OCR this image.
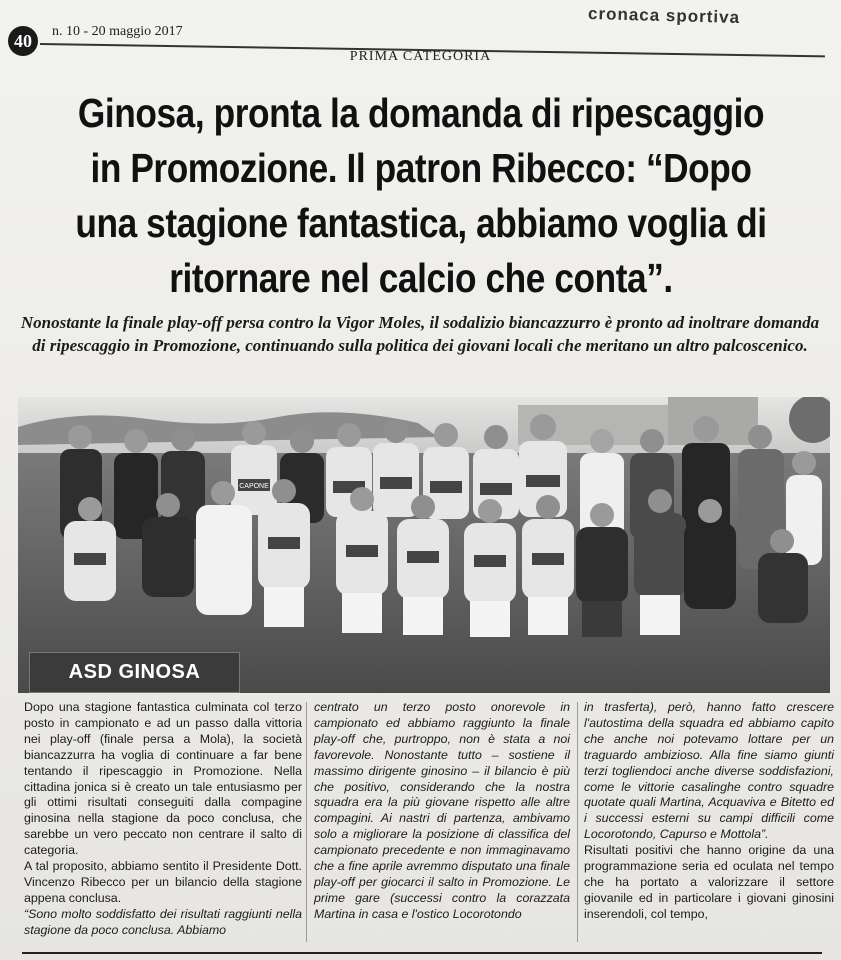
40	n. 10 - 20 maggio 2017
cronaca sportiva
PRIMA CATEGORIA
Ginosa, pronta la domanda di ripescaggio
in Promozione. Il patron Ribecco: “Dopo
una stagione fantastica, abbiamo voglia di
ritornare nel calcio che conta”.

Nonostante la finale play-off persa contro la Vigor Moles, il sodalizio biancazzurro è pronto ad inoltrare domanda di ripescaggio in Promozione, continuando sulla politica dei giovani locali che meritano un altro palcoscenico.

CAPONE
ASD GINOSA

Dopo una stagione fantastica culminata col terzo posto in campionato e ad un passo dalla vittoria nei play-off (finale persa a Mola), la società biancazzurra ha voglia di continuare a far bene tentando il ripescaggio in Promozione. Nella cittadina jonica si è creato un tale entusiasmo per gli ottimi risultati conseguiti dalla compagine ginosina nella stagione da poco conclusa, che sarebbe un vero peccato non centrare il salto di categoria.

A tal proposito, abbiamo sentito il Presidente Dott. Vincenzo Ribecco per un bilancio della stagione appena conclusa.

“Sono molto soddisfatto dei risultati raggiunti nella stagione da poco conclusa. Abbiamo

centrato un terzo posto onorevole in campionato ed abbiamo raggiunto la finale play-off che, purtroppo, non è stata a noi favorevole. Nonostante tutto – sostiene il massimo dirigente ginosino – il bilancio è più che positivo, considerando che la nostra squadra era la più giovane rispetto alle altre compagini. Ai nastri di partenza, ambivamo solo a migliorare la posizione di classifica del campionato precedente e non immaginavamo che a fine aprile avremmo disputato una finale play-off per giocarci il salto in Promozione. Le prime gare (successi contro la corazzata Martina in casa e l'ostico Locorotondo

in trasferta), però, hanno fatto crescere l'autostima della squadra ed abbiamo capito che anche noi potevamo lottare per un traguardo ambizioso. Alla fine siamo giunti terzi togliendoci anche diverse soddisfazioni, come le vittorie casalinghe contro squadre quotate quali Martina, Acquaviva e Bitetto ed i successi esterni su campi difficili come Locorotondo, Capurso e Mottola”.

Risultati positivi che hanno origine da una programmazione seria ed oculata nel tempo che ha portato a valorizzare il settore giovanile ed in particolare i giovani ginosini inserendoli, col tempo,
